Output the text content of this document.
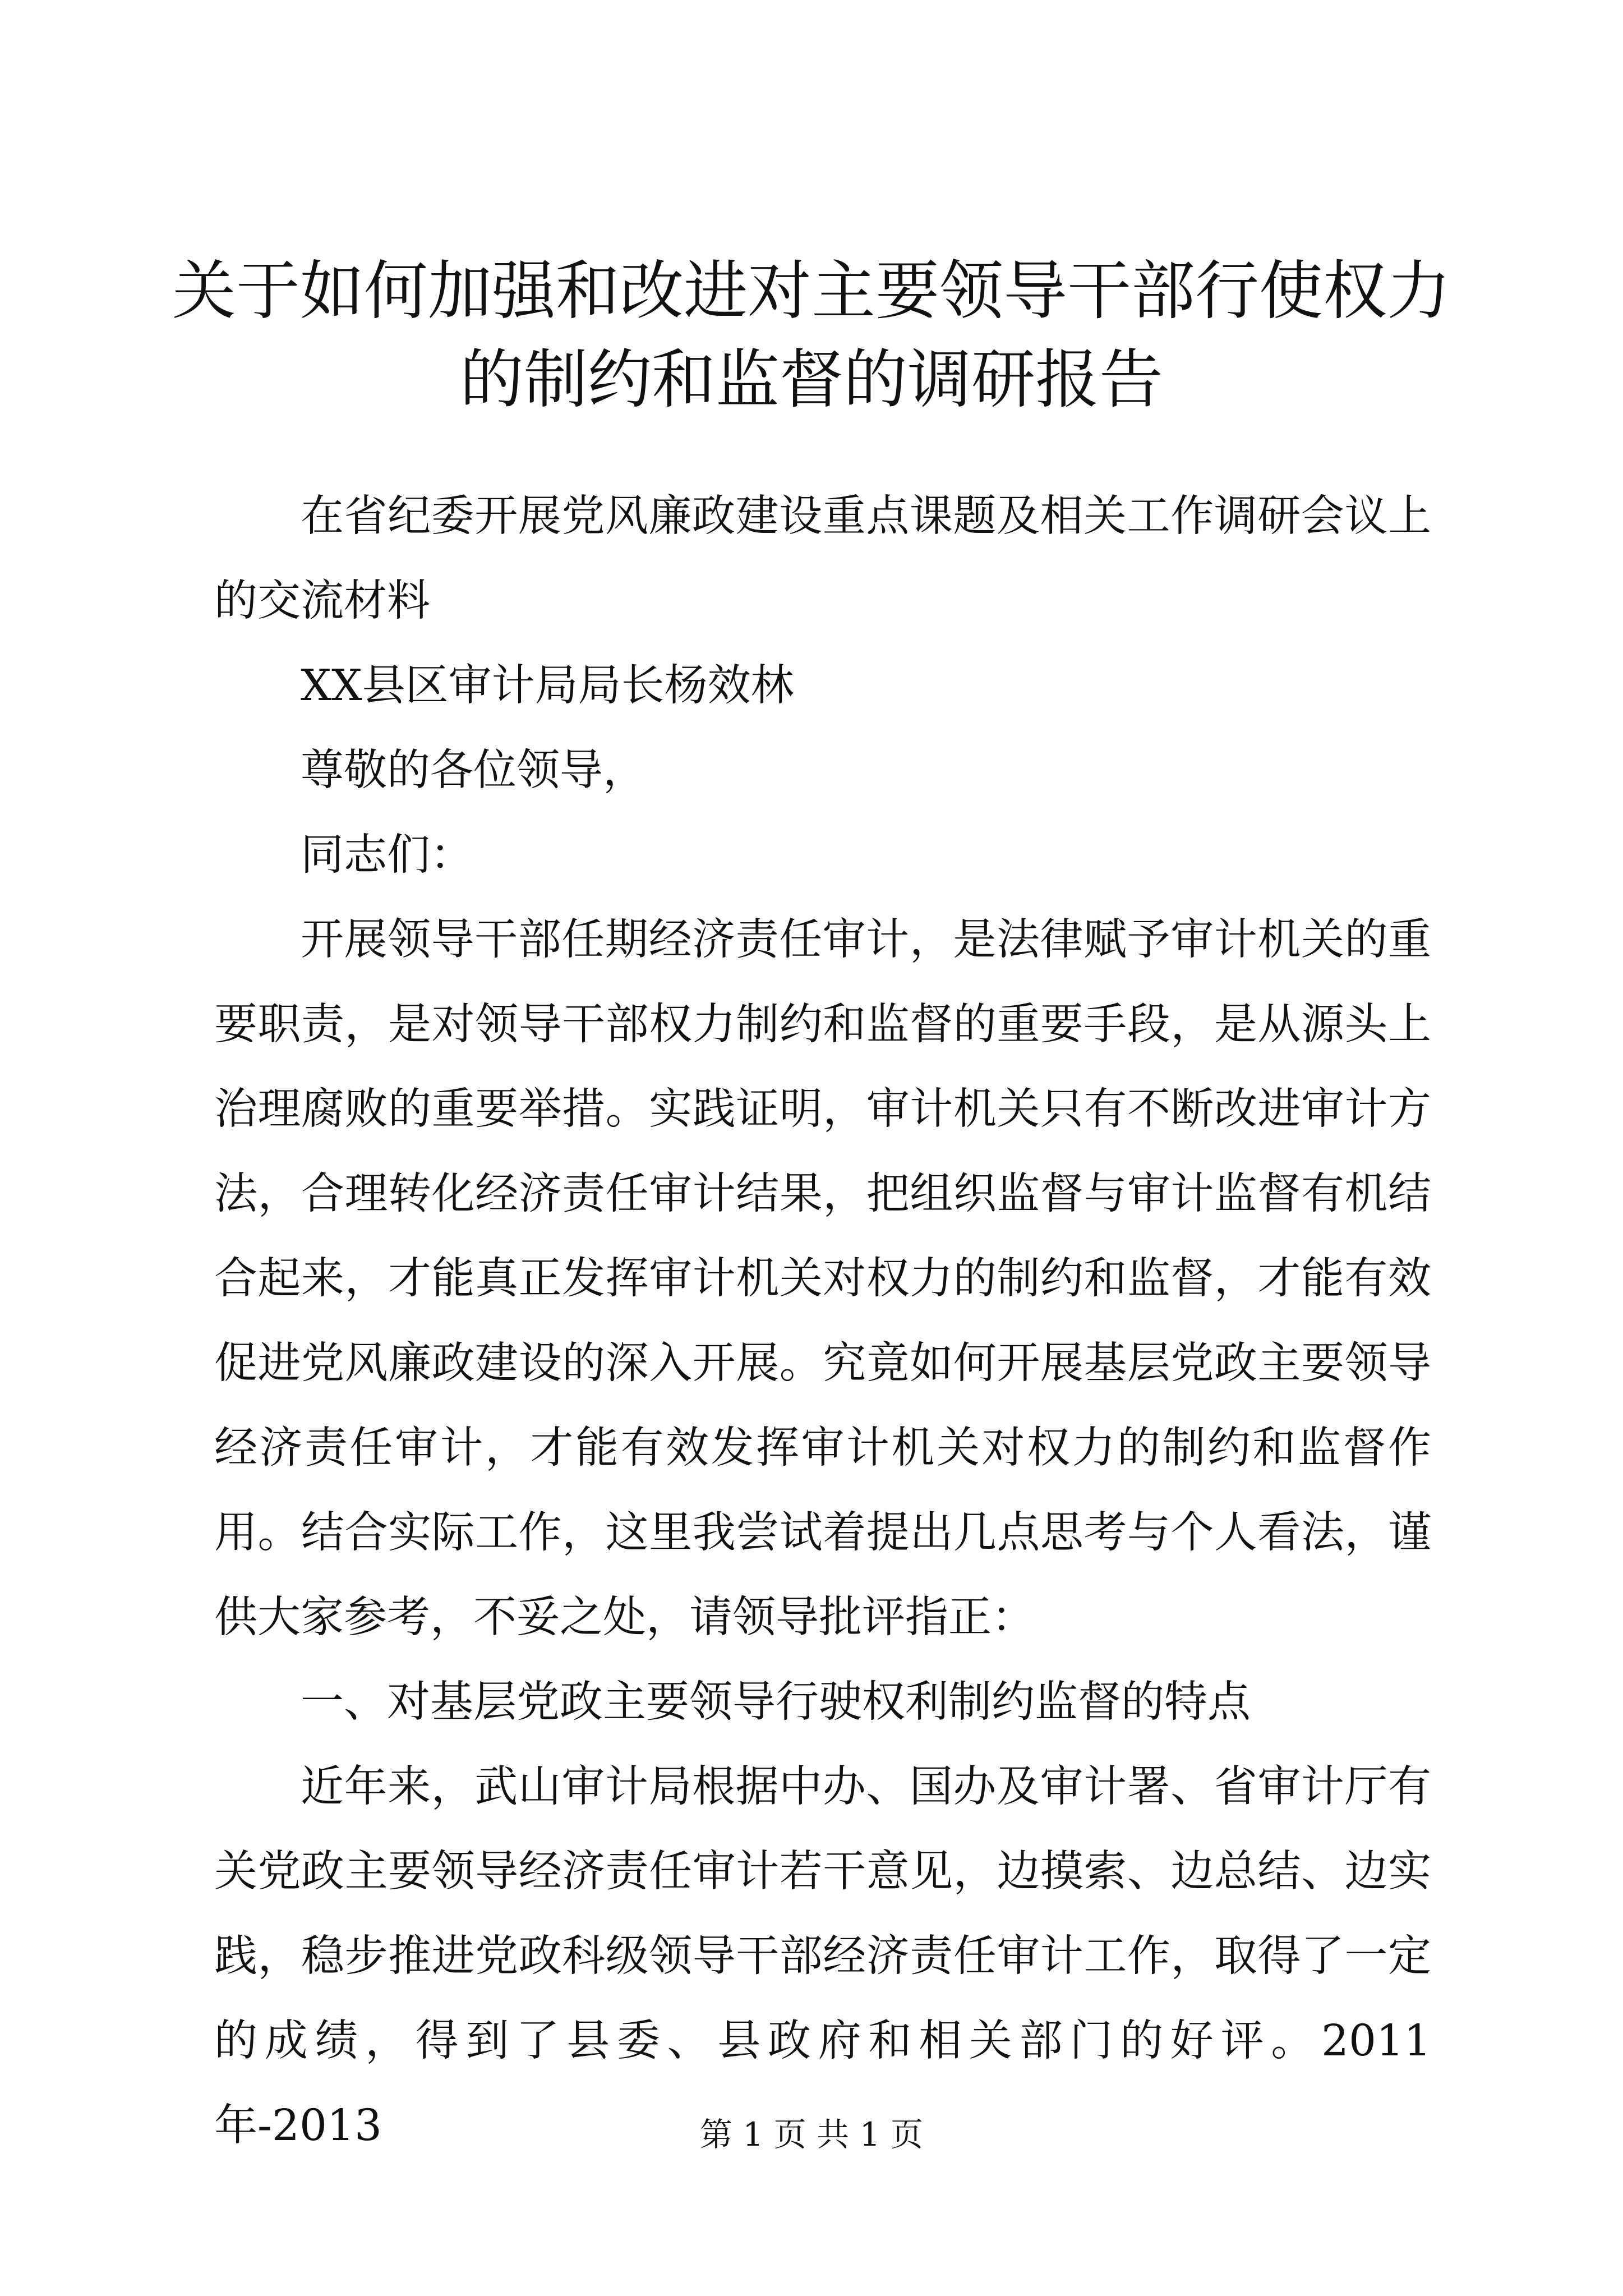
关于如何加强和改进对主要领导干部行使权力
的制约和监督的调研报告

在省纪委开展党风廉政建设重点课题及相关工作调研会议上的交流材料

XX县区审计局局长杨效林

尊敬的各位领导，

同志们：

开展领导干部任期经济责任审计，是法律赋予审计机关的重要职责，是对领导干部权力制约和监督的重要手段，是从源头上治理腐败的重要举措。实践证明，审计机关只有不断改进审计方法，合理转化经济责任审计结果，把组织监督与审计监督有机结合起来，才能真正发挥审计机关对权力的制约和监督，才能有效促进党风廉政建设的深入开展。究竟如何开展基层党政主要领导经济责任审计，才能有效发挥审计机关对权力的制约和监督作用。结合实际工作，这里我尝试着提出几点思考与个人看法，谨供大家参考，不妥之处，请领导批评指正：

一、对基层党政主要领导行驶权利制约监督的特点

近年来，武山审计局根据中办、国办及审计署、省审计厅有关党政主要领导经济责任审计若干意见，边摸索、边总结、边实践，稳步推进党政科级领导干部经济责任审计工作，取得了一定的成绩，得到了县委、县政府和相关部门的好评。2011年-2013	第 1 页 共 1 页
